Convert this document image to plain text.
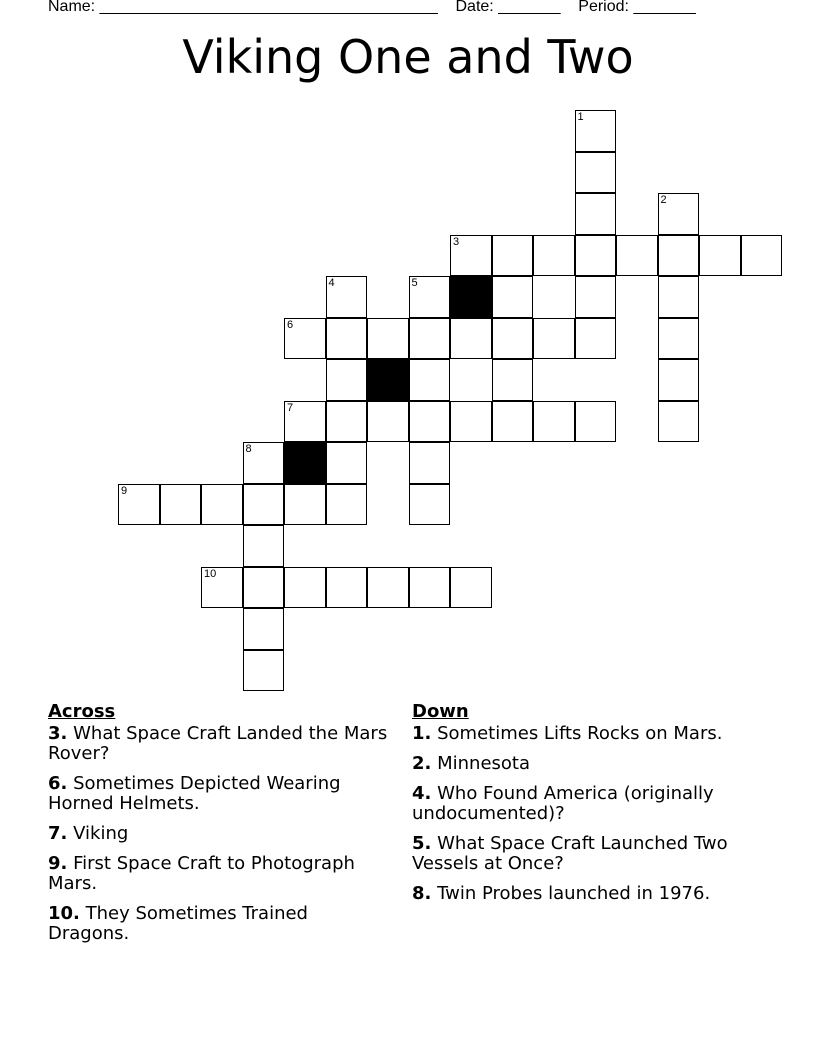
Name: ______________________________________ Date: _______ Period: _______
Viking One and Two
1
2
3
4	5
6
7
8
9
10
Across
3. What Space Craft Landed the Mars Rover?
6. Sometimes Depicted Wearing Horned Helmets.
7. Viking
9. First Space Craft to Photograph Mars.
10. They Sometimes Trained Dragons.
Down
1. Sometimes Lifts Rocks on Mars.
2. Minnesota
4. Who Found America (originally undocumented)?
5. What Space Craft Launched Two Vessels at Once?
8. Twin Probes launched in 1976.
